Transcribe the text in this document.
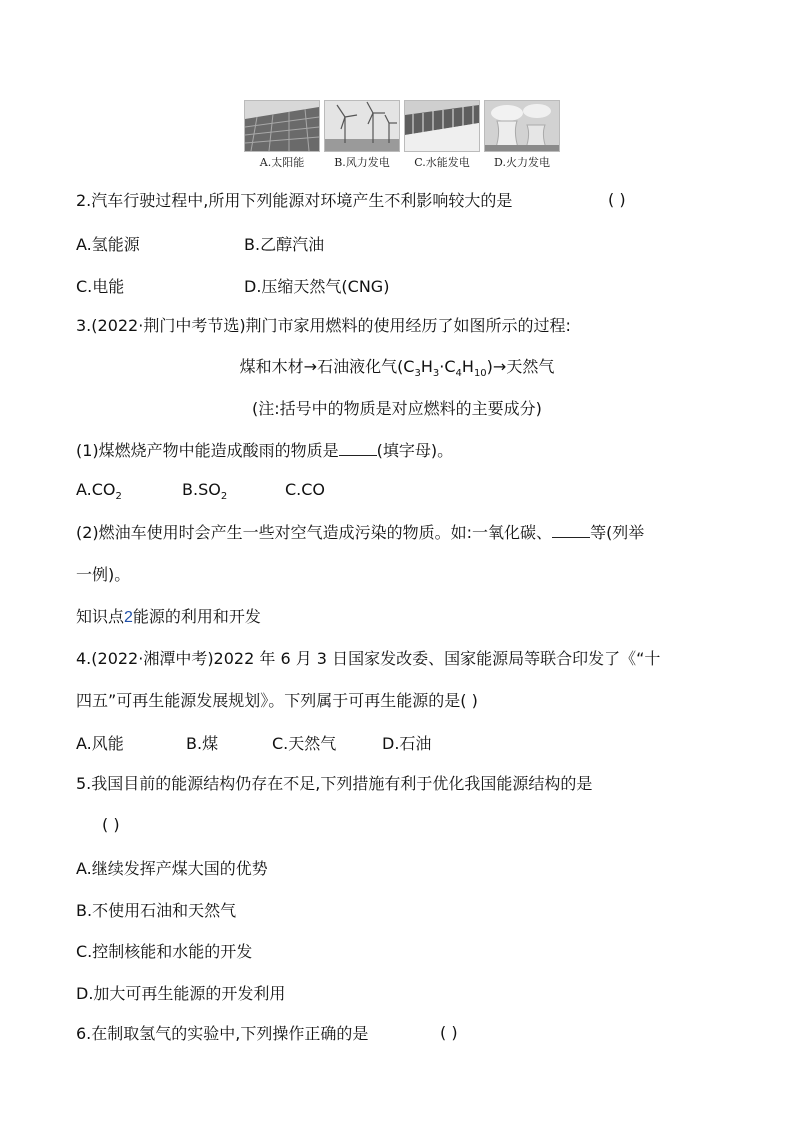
A.太阳能	B.风力发电	C.水能发电	D.火力发电
2.汽车行驶过程中,所用下列能源对环境产生不利影响较大的是	( )
A.氢能源	B.乙醇汽油
C.电能	D.压缩天然气(CNG)
3.(2022·荆门中考节选)荆门市家用燃料的使用经历了如图所示的过程:
煤和木材→石油液化气$(C_3H_3\cdot C_4H_{10})\to$天然气
(注:括号中的物质是对应燃料的主要成分)
(1)煤燃烧产物中能造成酸雨的物质是 (填字母)。
$A.CO_2$	$B.SO_2$	C.CO
(2)燃油车使用时会产生一些对空气造成污染的物质。如:一氧化碳、 等(列举
一例)。
知识点2能源的利用和开发
4.(2022·湘潭中考)2022 年 6 月 3 日国家发改委、国家能源局等联合印发了《“十
四五”可再生能源发展规划》。下列属于可再生能源的是( )
A.风能	B.煤	C.天然气	D.石油
5.我国目前的能源结构仍存在不足,下列措施有利于优化我国能源结构的是
( )
A.继续发挥产煤大国的优势
B.不使用石油和天然气
C.控制核能和水能的开发
D.加大可再生能源的开发利用
6.在制取氢气的实验中,下列操作正确的是	( )
